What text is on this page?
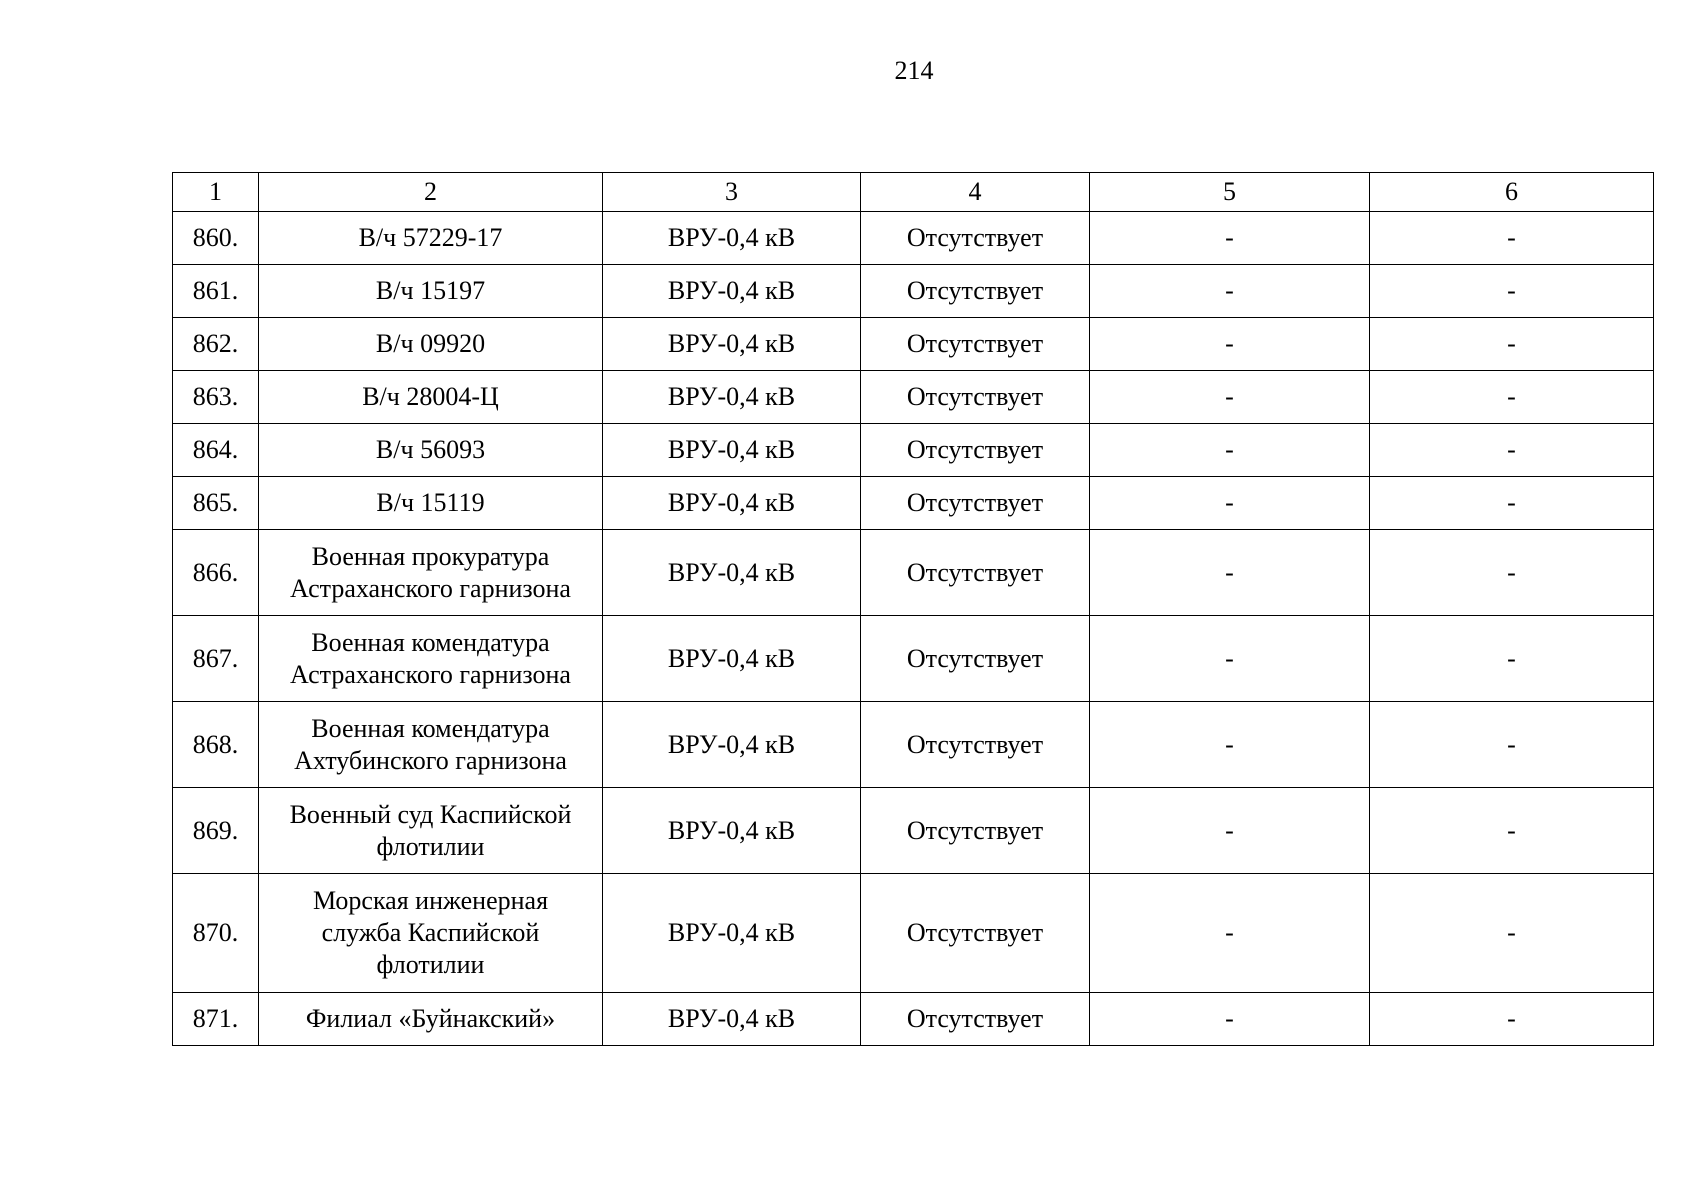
214
1	2	3	4	5	6
860.	В/ч 57229-17	ВРУ-0,4 кВ	Отсутствует	-	-
861.	В/ч 15197	ВРУ-0,4 кВ	Отсутствует	-	-
862.	В/ч 09920	ВРУ-0,4 кВ	Отсутствует	-	-
863.	В/ч 28004-Ц	ВРУ-0,4 кВ	Отсутствует	-	-
864.	В/ч 56093	ВРУ-0,4 кВ	Отсутствует	-	-
865.	В/ч 15119	ВРУ-0,4 кВ	Отсутствует	-	-
866.	Военная прокуратура
Астраханского гарнизона	ВРУ-0,4 кВ	Отсутствует	-	-
867.	Военная комендатура
Астраханского гарнизона	ВРУ-0,4 кВ	Отсутствует	-	-
868.	Военная комендатура
Ахтубинского гарнизона	ВРУ-0,4 кВ	Отсутствует	-	-
869.	Военный суд Каспийской
флотилии	ВРУ-0,4 кВ	Отсутствует	-	-
870.	Морская инженерная
служба Каспийской
флотилии	ВРУ-0,4 кВ	Отсутствует	-	-
871.	Филиал «Буйнакский»	ВРУ-0,4 кВ	Отсутствует	-	-
